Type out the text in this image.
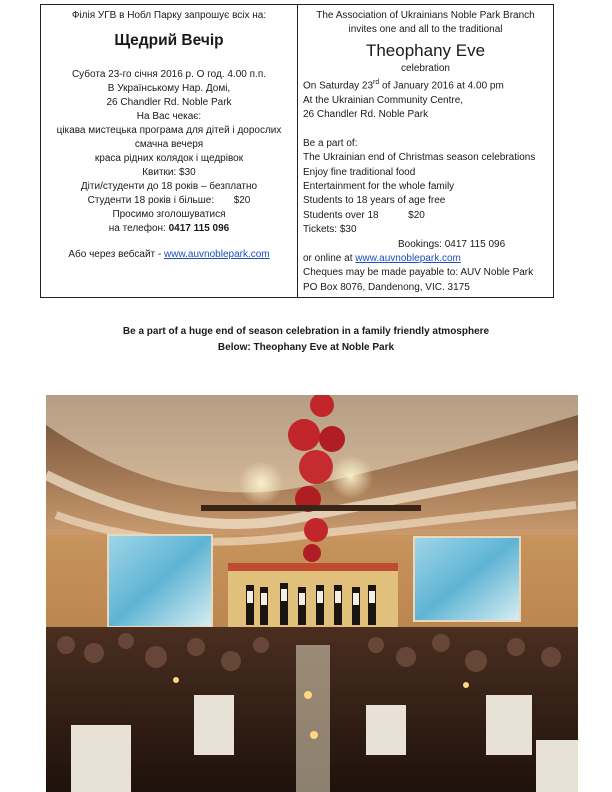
Філія УГВ в Нобл Парку запрошує всіх на:
Щедрий Вечір
Субота 23-го січня 2016 р. О год. 4.00 п.п.
В Українському Нар. Домі,
26 Chandler Rd. Noble Park
На Вас чекає:
цікава мистецька програма для дітей і дорослих
смачна вечеря
краса рідних колядок і щедрівок
Квитки: $30
Діти/студенти до 18 років – безплатно
Студенти 18 років і більше: $20
Просимо зголошуватися
на телефон: 0417 115 096
Або через вебсайт - www.auvnoblepark.com
The Association of Ukrainians Noble Park Branch
invites one and all to the traditional
Theophany Eve
celebration
On Saturday 23rd of January 2016 at 4.00 pm
At the Ukrainian Community Centre,
26 Chandler Rd. Noble Park
Be a part of:
The Ukrainian end of Christmas season celebrations
Enjoy fine traditional food
Entertainment for the whole family
Students to 18 years of age free
Students over 18	$20
Tickets: $30
Bookings: 0417 115 096
or online at www.auvnoblepark.com
Cheques may be made payable to: AUV Noble Park
PO Box 8076, Dandenong, VIC. 3175
Be a part of a huge end of season celebration in a family friendly atmosphere
Below: Theophany Eve at Noble Park
